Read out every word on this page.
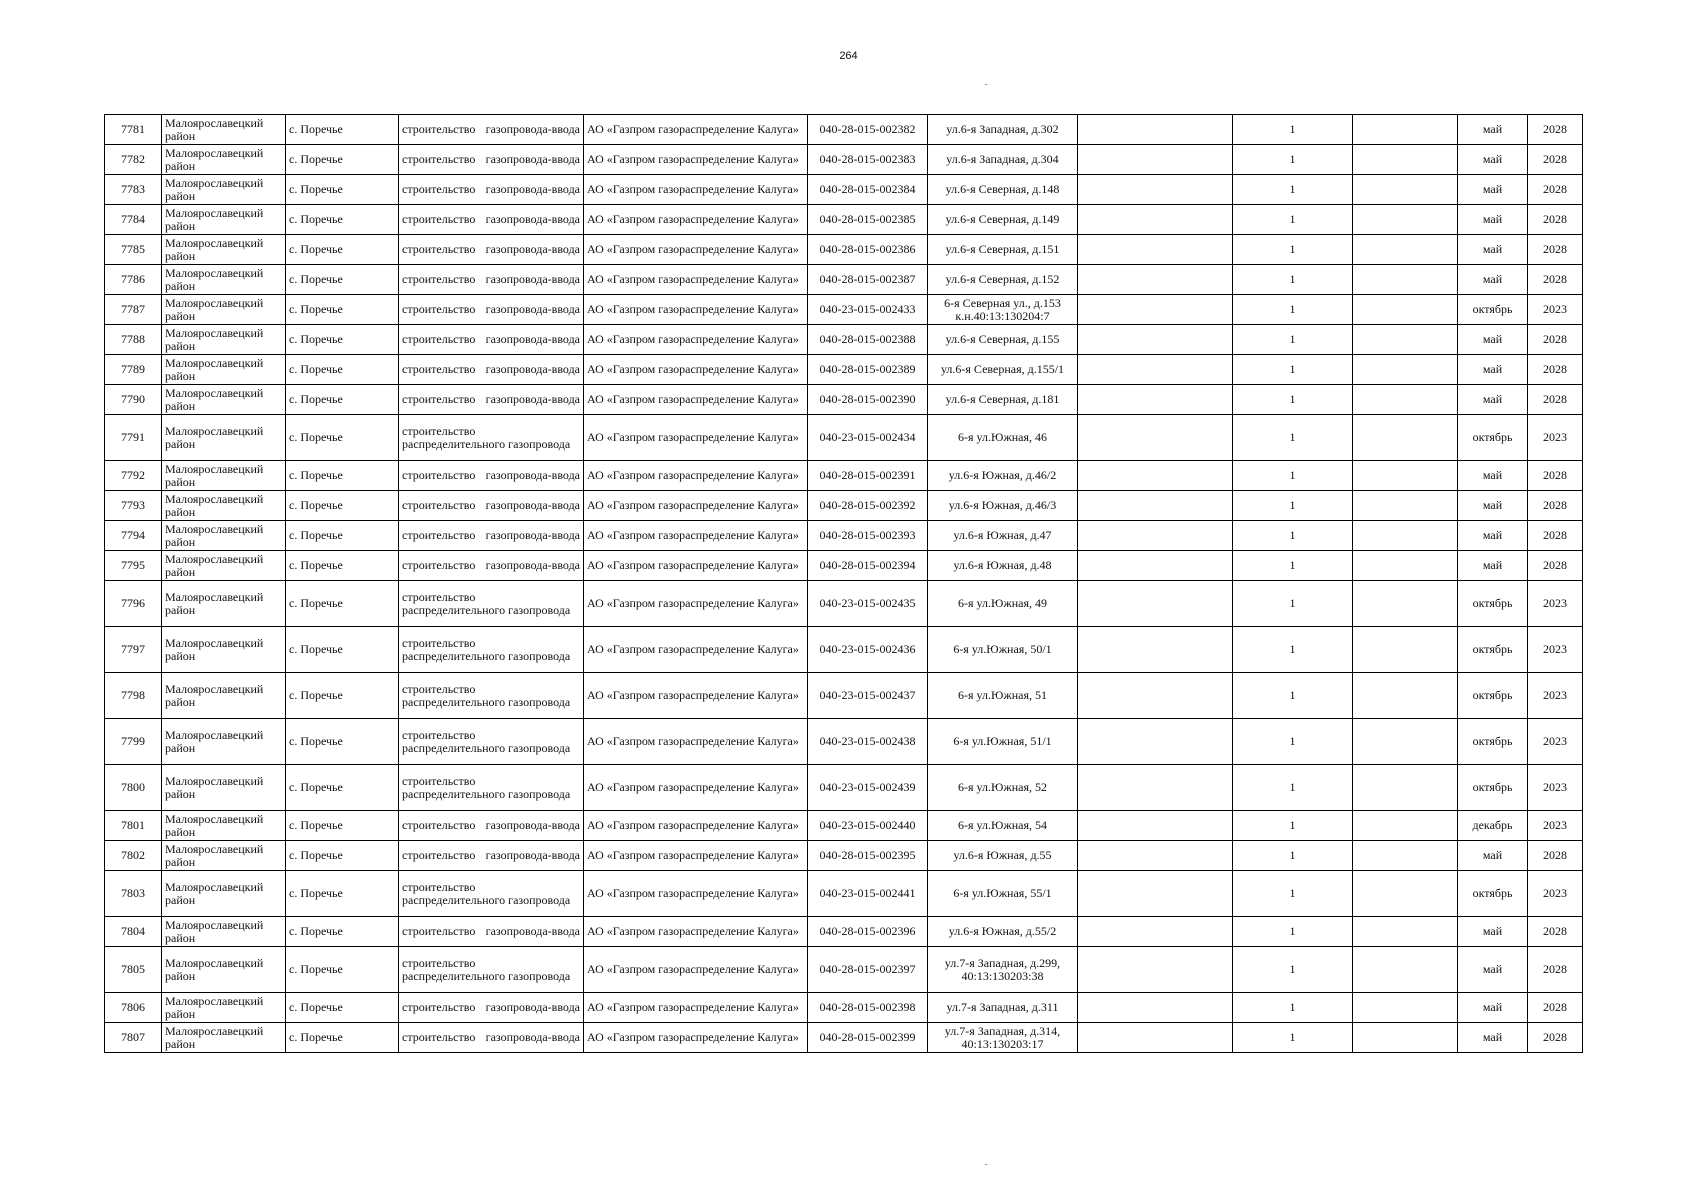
264
7781	Малоярославецкий район	с. Поречье	строительство газопровода-ввода	АО «Газпром газораспределение Калуга»	040-28-015-002382	ул.6-я Западная, д.302		1		май	2028
7782	Малоярославецкий район	с. Поречье	строительство газопровода-ввода	АО «Газпром газораспределение Калуга»	040-28-015-002383	ул.6-я Западная, д.304		1		май	2028
7783	Малоярославецкий район	с. Поречье	строительство газопровода-ввода	АО «Газпром газораспределение Калуга»	040-28-015-002384	ул.6-я Северная, д.148		1		май	2028
7784	Малоярославецкий район	с. Поречье	строительство газопровода-ввода	АО «Газпром газораспределение Калуга»	040-28-015-002385	ул.6-я Северная, д.149		1		май	2028
7785	Малоярославецкий район	с. Поречье	строительство газопровода-ввода	АО «Газпром газораспределение Калуга»	040-28-015-002386	ул.6-я Северная, д.151		1		май	2028
7786	Малоярославецкий район	с. Поречье	строительство газопровода-ввода	АО «Газпром газораспределение Калуга»	040-28-015-002387	ул.6-я Северная, д.152		1		май	2028
7787	Малоярославецкий район	с. Поречье	строительство газопровода-ввода	АО «Газпром газораспределение Калуга»	040-23-015-002433	6-я Северная ул., д.153 к.н.40:13:130204:7		1		октябрь	2023
7788	Малоярославецкий район	с. Поречье	строительство газопровода-ввода	АО «Газпром газораспределение Калуга»	040-28-015-002388	ул.6-я Северная, д.155		1		май	2028
7789	Малоярославецкий район	с. Поречье	строительство газопровода-ввода	АО «Газпром газораспределение Калуга»	040-28-015-002389	ул.6-я Северная, д.155/1		1		май	2028
7790	Малоярославецкий район	с. Поречье	строительство газопровода-ввода	АО «Газпром газораспределение Калуга»	040-28-015-002390	ул.6-я Северная, д.181		1		май	2028
7791	Малоярославецкий район	с. Поречье	строительство распределительного газопровода	АО «Газпром газораспределение Калуга»	040-23-015-002434	6-я ул.Южная, 46		1		октябрь	2023
7792	Малоярославецкий район	с. Поречье	строительство газопровода-ввода	АО «Газпром газораспределение Калуга»	040-28-015-002391	ул.6-я Южная, д.46/2		1		май	2028
7793	Малоярославецкий район	с. Поречье	строительство газопровода-ввода	АО «Газпром газораспределение Калуга»	040-28-015-002392	ул.6-я Южная, д.46/3		1		май	2028
7794	Малоярославецкий район	с. Поречье	строительство газопровода-ввода	АО «Газпром газораспределение Калуга»	040-28-015-002393	ул.6-я Южная, д.47		1		май	2028
7795	Малоярославецкий район	с. Поречье	строительство газопровода-ввода	АО «Газпром газораспределение Калуга»	040-28-015-002394	ул.6-я Южная, д.48		1		май	2028
7796	Малоярославецкий район	с. Поречье	строительство распределительного газопровода	АО «Газпром газораспределение Калуга»	040-23-015-002435	6-я ул.Южная, 49		1		октябрь	2023
7797	Малоярославецкий район	с. Поречье	строительство распределительного газопровода	АО «Газпром газораспределение Калуга»	040-23-015-002436	6-я ул.Южная, 50/1		1		октябрь	2023
7798	Малоярославецкий район	с. Поречье	строительство распределительного газопровода	АО «Газпром газораспределение Калуга»	040-23-015-002437	6-я ул.Южная, 51		1		октябрь	2023
7799	Малоярославецкий район	с. Поречье	строительство распределительного газопровода	АО «Газпром газораспределение Калуга»	040-23-015-002438	6-я ул.Южная, 51/1		1		октябрь	2023
7800	Малоярославецкий район	с. Поречье	строительство распределительного газопровода	АО «Газпром газораспределение Калуга»	040-23-015-002439	6-я ул.Южная, 52		1		октябрь	2023
7801	Малоярославецкий район	с. Поречье	строительство газопровода-ввода	АО «Газпром газораспределение Калуга»	040-23-015-002440	6-я ул.Южная, 54		1		декабрь	2023
7802	Малоярославецкий район	с. Поречье	строительство газопровода-ввода	АО «Газпром газораспределение Калуга»	040-28-015-002395	ул.6-я Южная, д.55		1		май	2028
7803	Малоярославецкий район	с. Поречье	строительство распределительного газопровода	АО «Газпром газораспределение Калуга»	040-23-015-002441	6-я ул.Южная, 55/1		1		октябрь	2023
7804	Малоярославецкий район	с. Поречье	строительство газопровода-ввода	АО «Газпром газораспределение Калуга»	040-28-015-002396	ул.6-я Южная, д.55/2		1		май	2028
7805	Малоярославецкий район	с. Поречье	строительство распределительного газопровода	АО «Газпром газораспределение Калуга»	040-28-015-002397	ул.7-я Западная, д.299, 40:13:130203:38		1		май	2028
7806	Малоярославецкий район	с. Поречье	строительство газопровода-ввода	АО «Газпром газораспределение Калуга»	040-28-015-002398	ул.7-я Западная, д.311		1		май	2028
7807	Малоярославецкий район	с. Поречье	строительство газопровода-ввода	АО «Газпром газораспределение Калуга»	040-28-015-002399	ул.7-я Западная, д.314, 40:13:130203:17		1		май	2028
